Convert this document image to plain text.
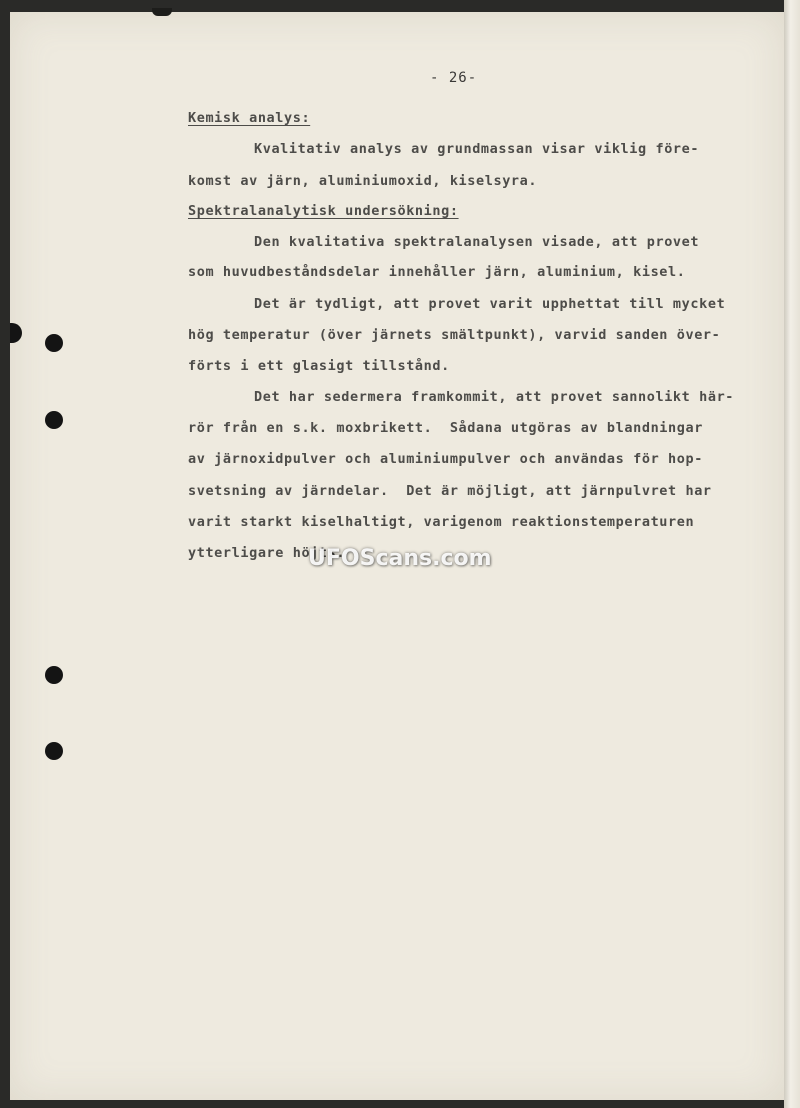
- 26-
Kemisk analys:
Kvalitativ analys av grundmassan visar viklig före-
komst av järn, aluminiumoxid, kiselsyra.
Spektralanalytisk undersökning:
Den kvalitativa spektralanalysen visade, att provet
som huvudbeståndsdelar innehåller järn, aluminium, kisel.
Det är tydligt, att provet varit upphettat till mycket
hög temperatur (över järnets smältpunkt), varvid sanden över-
förts i ett glasigt tillstånd.
Det har sedermera framkommit, att provet sannolikt här-
rör från en s.k. moxbrikett.  Sådana utgöras av blandningar
av järnoxidpulver och aluminiumpulver och användas för hop-
svetsning av järndelar.  Det är möjligt, att järnpulvret har
varit starkt kiselhaltigt, varigenom reaktionstemperaturen
ytterligare höjts.
UFOScans.com
